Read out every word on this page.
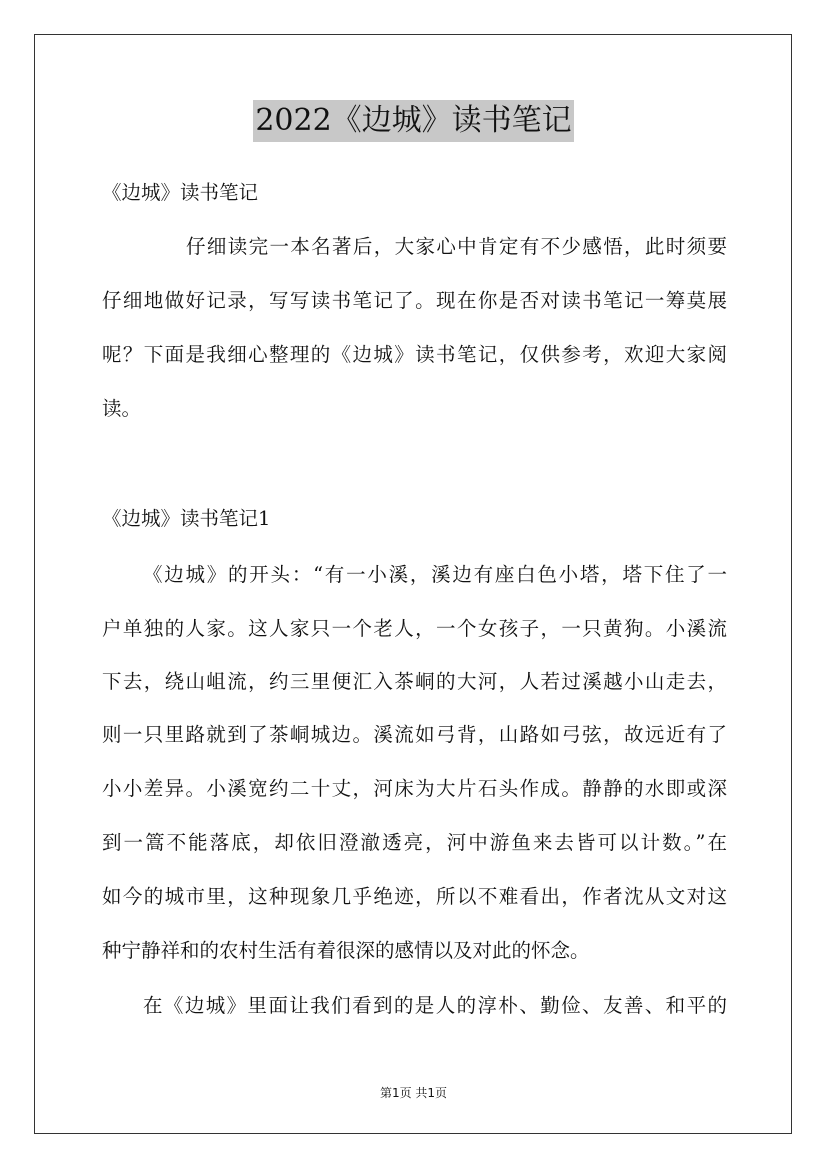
2022《边城》读书笔记
《边城》读书笔记
仔细读完一本名著后，大家心中肯定有不少感悟，此时须要
仔细地做好记录，写写读书笔记了。现在你是否对读书笔记一筹莫展
呢？下面是我细心整理的《边城》读书笔记，仅供参考，欢迎大家阅
读。
《边城》读书笔记1
《边城》的开头：“有一小溪，溪边有座白色小塔，塔下住了一
户单独的人家。这人家只一个老人，一个女孩子，一只黄狗。小溪流
下去，绕山岨流，约三里便汇入茶峒的大河，人若过溪越小山走去，
则一只里路就到了茶峒城边。溪流如弓背，山路如弓弦，故远近有了
小小差异。小溪宽约二十丈，河床为大片石头作成。静静的水即或深
到一篙不能落底，却依旧澄澈透亮，河中游鱼来去皆可以计数。”在
如今的城市里，这种现象几乎绝迹，所以不难看出，作者沈从文对这
种宁静祥和的农村生活有着很深的感情以及对此的怀念。
在《边城》里面让我们看到的是人的淳朴、勤俭、友善、和平的
第1页 共1页
